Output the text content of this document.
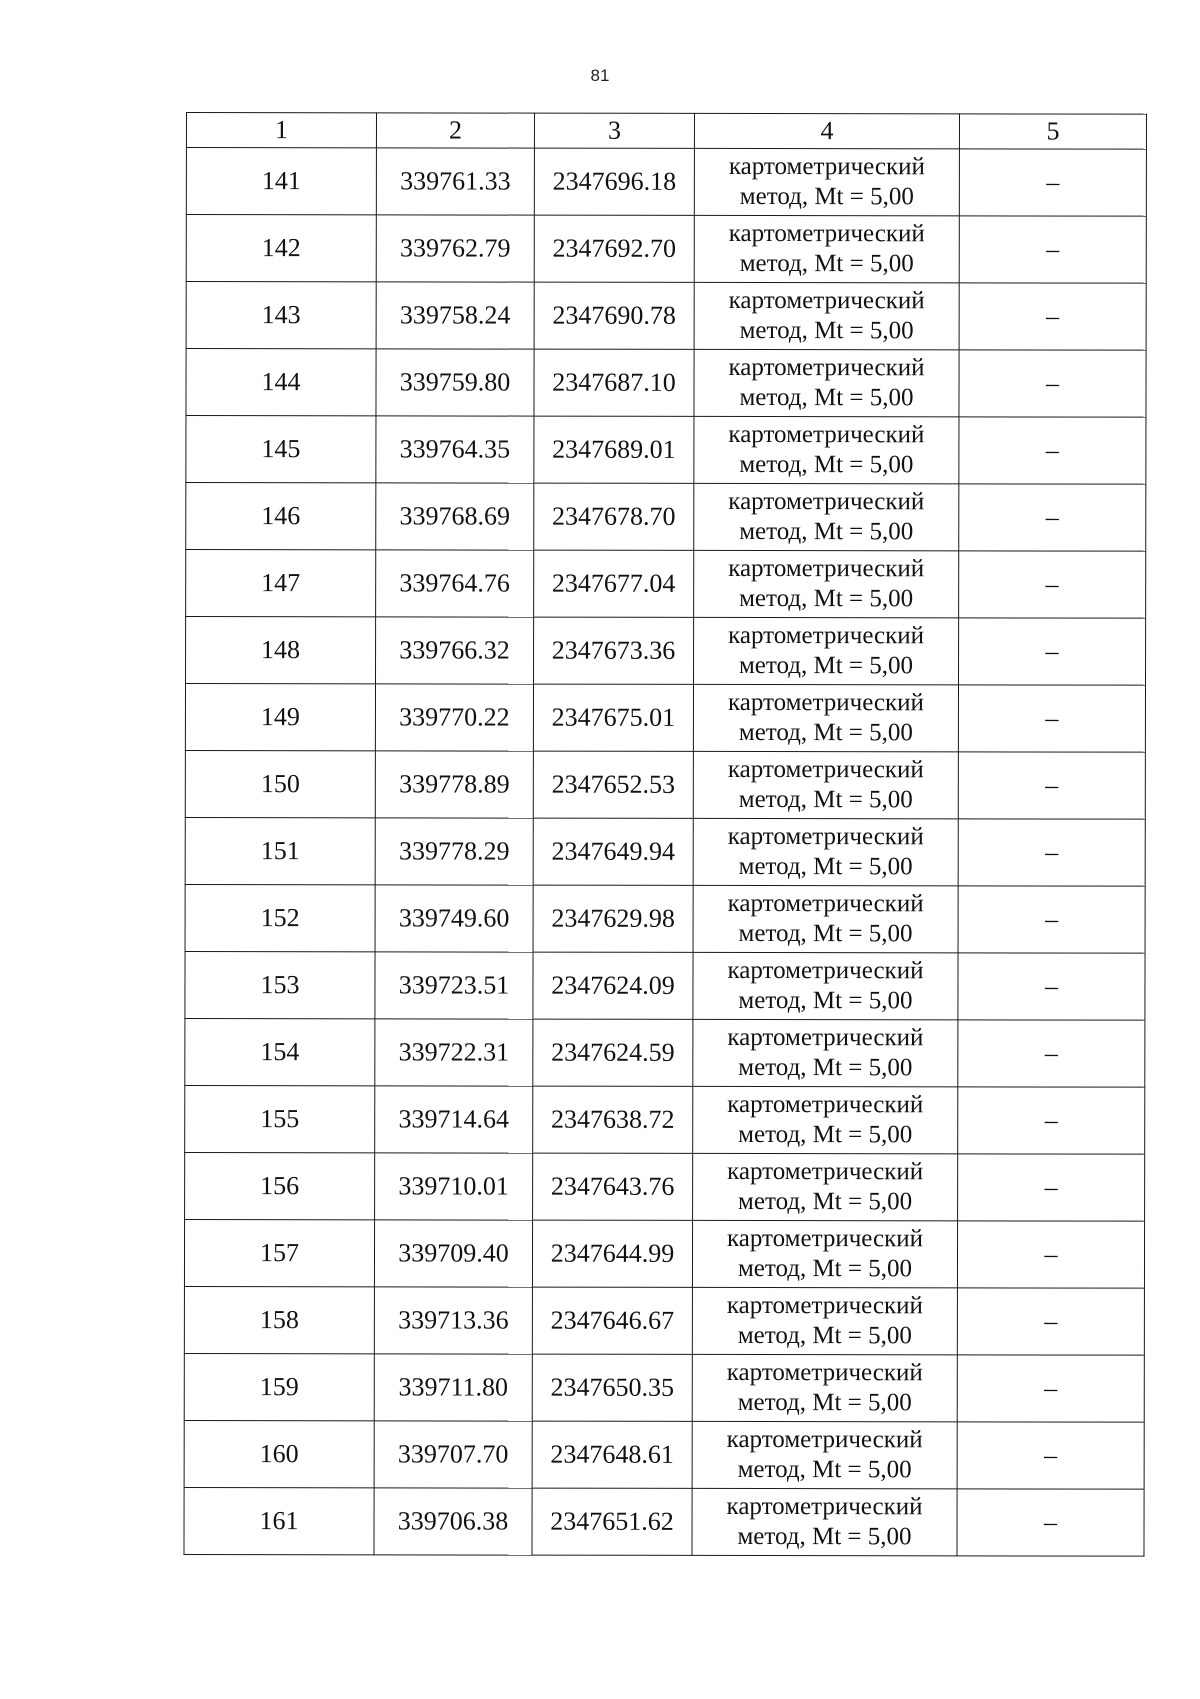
81
1	2	3	4	5
141	339761.33	2347696.18	картометрический
метод, Mt = 5,00	–
142	339762.79	2347692.70	картометрический
метод, Mt = 5,00	–
143	339758.24	2347690.78	картометрический
метод, Mt = 5,00	–
144	339759.80	2347687.10	картометрический
метод, Mt = 5,00	–
145	339764.35	2347689.01	картометрический
метод, Mt = 5,00	–
146	339768.69	2347678.70	картометрический
метод, Mt = 5,00	–
147	339764.76	2347677.04	картометрический
метод, Mt = 5,00	–
148	339766.32	2347673.36	картометрический
метод, Mt = 5,00	–
149	339770.22	2347675.01	картометрический
метод, Mt = 5,00	–
150	339778.89	2347652.53	картометрический
метод, Mt = 5,00	–
151	339778.29	2347649.94	картометрический
метод, Mt = 5,00	–
152	339749.60	2347629.98	картометрический
метод, Mt = 5,00	–
153	339723.51	2347624.09	картометрический
метод, Mt = 5,00	–
154	339722.31	2347624.59	картометрический
метод, Mt = 5,00	–
155	339714.64	2347638.72	картометрический
метод, Mt = 5,00	–
156	339710.01	2347643.76	картометрический
метод, Mt = 5,00	–
157	339709.40	2347644.99	картометрический
метод, Mt = 5,00	–
158	339713.36	2347646.67	картометрический
метод, Mt = 5,00	–
159	339711.80	2347650.35	картометрический
метод, Mt = 5,00	–
160	339707.70	2347648.61	картометрический
метод, Mt = 5,00	–
161	339706.38	2347651.62	картометрический
метод, Mt = 5,00	–
